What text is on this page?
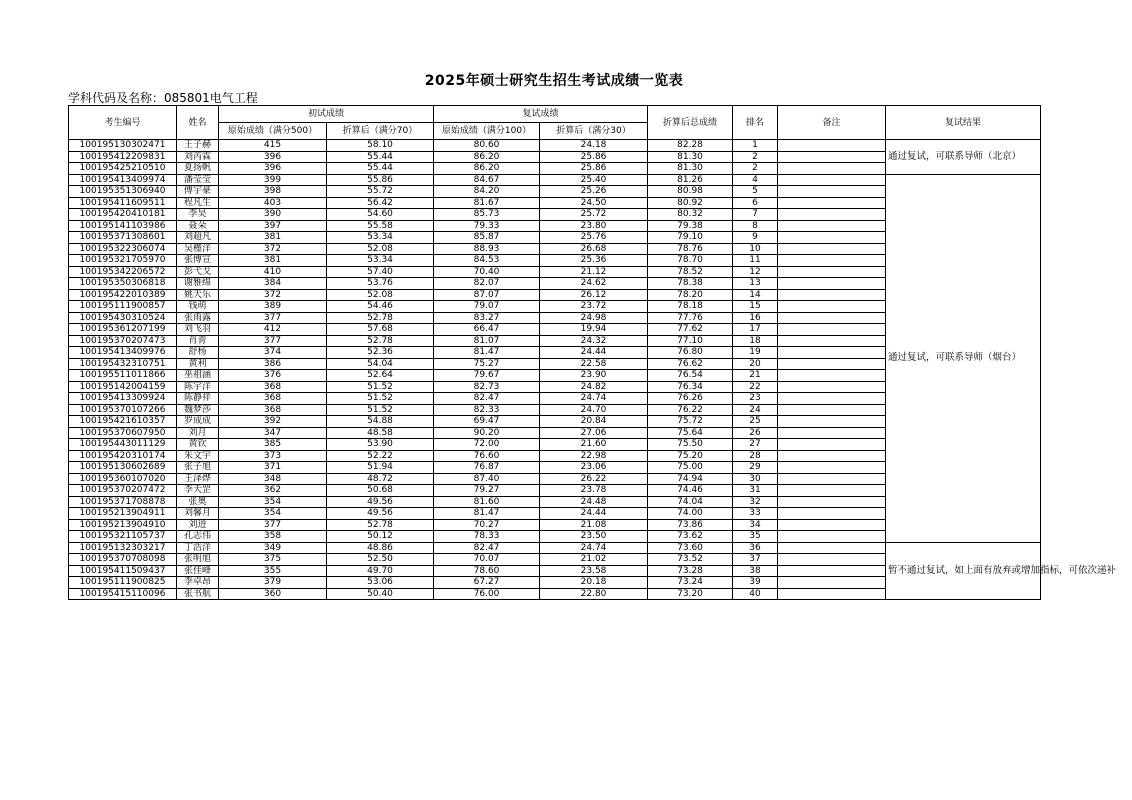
2025年硕士研究生招生考试成绩一览表
学科代码及名称：085801电气工程
考生编号	姓名	初试成绩		复试成绩		折算后总成绩	排名	备注	复试结果
		原始成绩（满分500）	折算后（满分70）	原始成绩（满分100）	折算后（满分30）				
100195130302471	王子赫	415	58.10	80.60	24.18	82.28	1		通过复试，可联系导师（北京）
100195412209831	刘芮霖	396	55.44	86.20	25.86	81.30	2		
100195425210510	夏扬帆	396	55.44	86.20	25.86	81.30	2		
100195413409974	潘莹莹	399	55.86	84.67	25.40	81.26	4		通过复试，可联系导师（烟台）
100195351306940	傅宇豪	398	55.72	84.20	25.26	80.98	5		
100195411609511	程凡生	403	56.42	81.67	24.50	80.92	6		
100195420410181	李昊	390	54.60	85.73	25.72	80.32	7		
100195141103986	聂朵	397	55.58	79.33	23.80	79.38	8		
100195371308601	刘超凡	381	53.34	85.87	25.76	79.10	9		
100195322306074	吴槿洋	372	52.08	88.93	26.68	78.76	10		
100195321705970	张博宣	381	53.34	84.53	25.36	78.70	11		
100195342206572	彭弋戈	410	57.40	70.40	21.12	78.52	12		
100195350306818	谢雅绵	384	53.76	82.07	24.62	78.38	13		
100195422010389	姚天乐	372	52.08	87.07	26.12	78.20	14		
100195111900857	钱萌	389	54.46	79.07	23.72	78.18	15		
100195430310524	张雨露	377	52.78	83.27	24.98	77.76	16		
100195361207199	刘飞羽	412	57.68	66.47	19.94	77.62	17		
100195370207473	肖青	377	52.78	81.07	24.32	77.10	18		
100195413409976	舒杨	374	52.36	81.47	24.44	76.80	19		
100195432310751	黄利	386	54.04	75.27	22.58	76.62	20		
100195511011866	巫祖涵	376	52.64	79.67	23.90	76.54	21		
100195142004159	陈宇洋	368	51.52	82.73	24.82	76.34	22		
100195413309924	陈静祥	368	51.52	82.47	24.74	76.26	23		
100195370107266	魏梦莎	368	51.52	82.33	24.70	76.22	24		
100195421610357	罗成成	392	54.88	69.47	20.84	75.72	25		
100195370607950	刘月	347	48.58	90.20	27.06	75.64	26		
100195443011129	黄钦	385	53.90	72.00	21.60	75.50	27		
100195420310174	朱文宇	373	52.22	76.60	22.98	75.20	28		
100195130602689	张子旭	371	51.94	76.87	23.06	75.00	29		
100195360107020	王泽烨	348	48.72	87.40	26.22	74.94	30		
100195370207472	李天罡	362	50.68	79.27	23.78	74.46	31		
100195371708878	张奥	354	49.56	81.60	24.48	74.04	32		
100195213904911	刘馨月	354	49.56	81.47	24.44	74.00	33		
100195213904910	刘进	377	52.78	70.27	21.08	73.86	34		
100195321105737	孔志伟	358	50.12	78.33	23.50	73.62	35		
100195132303217	丁浩洋	349	48.86	82.47	24.74	73.60	36		暂不通过复试，如上面有放弃或增加指标，可依次递补
100195370708098	张明旭	375	52.50	70.07	21.02	73.52	37		
100195411509437	张佳峰	355	49.70	78.60	23.58	73.28	38		
100195111900825	李卓昂	379	53.06	67.27	20.18	73.24	39		
100195415110096	张书航	360	50.40	76.00	22.80	73.20	40		
